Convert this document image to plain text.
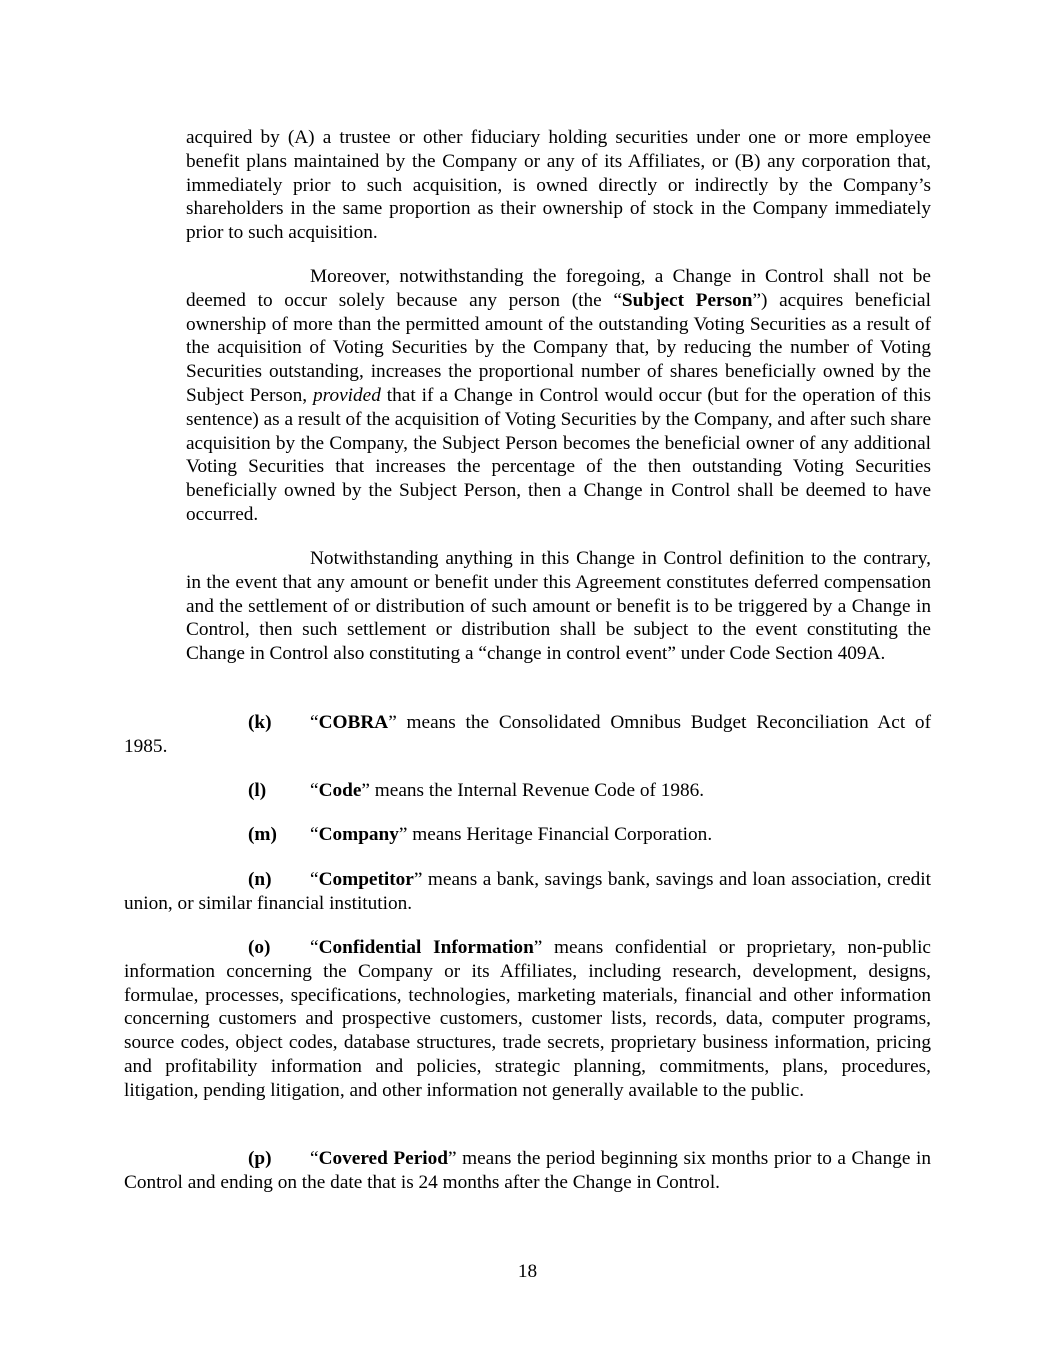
acquired by (A) a trustee or other fiduciary holding securities under one or more employee benefit plans maintained by the Company or any of its Affiliates, or (B) any corporation that, immediately prior to such acquisition, is owned directly or indirectly by the Company’s shareholders in the same proportion as their ownership of stock in the Company immediately prior to such acquisition.

Moreover, notwithstanding the foregoing, a Change in Control shall not be deemed to occur solely because any person (the “Subject Person”) acquires beneficial ownership of more than the permitted amount of the outstanding Voting Securities as a result of the acquisition of Voting Securities by the Company that, by reducing the number of Voting Securities outstanding, increases the proportional number of shares beneficially owned by the Subject Person, provided that if a Change in Control would occur (but for the operation of this sentence) as a result of the acquisition of Voting Securities by the Company, and after such share acquisition by the Company, the Subject Person becomes the beneficial owner of any additional Voting Securities that increases the percentage of the then outstanding Voting Securities beneficially owned by the Subject Person, then a Change in Control shall be deemed to have occurred.

Notwithstanding anything in this Change in Control definition to the contrary, in the event that any amount or benefit under this Agreement constitutes deferred compensation and the settlement of or distribution of such amount or benefit is to be triggered by a Change in Control, then such settlement or distribution shall be subject to the event constituting the Change in Control also constituting a “change in control event” under Code Section 409A.

(k) “COBRA” means the Consolidated Omnibus Budget Reconciliation Act of 1985.

(l) “Code” means the Internal Revenue Code of 1986.

(m) “Company” means Heritage Financial Corporation.

(n) “Competitor” means a bank, savings bank, savings and loan association, credit union, or similar financial institution.

(o) “Confidential Information” means confidential or proprietary, non-public information concerning the Company or its Affiliates, including research, development, designs, formulae, processes, specifications, technologies, marketing materials, financial and other information concerning customers and prospective customers, customer lists, records, data, computer programs, source codes, object codes, database structures, trade secrets, proprietary business information, pricing and profitability information and policies, strategic planning, commitments, plans, procedures, litigation, pending litigation, and other information not generally available to the public.

(p) “Covered Period” means the period beginning six months prior to a Change in Control and ending on the date that is 24 months after the Change in Control.

18
